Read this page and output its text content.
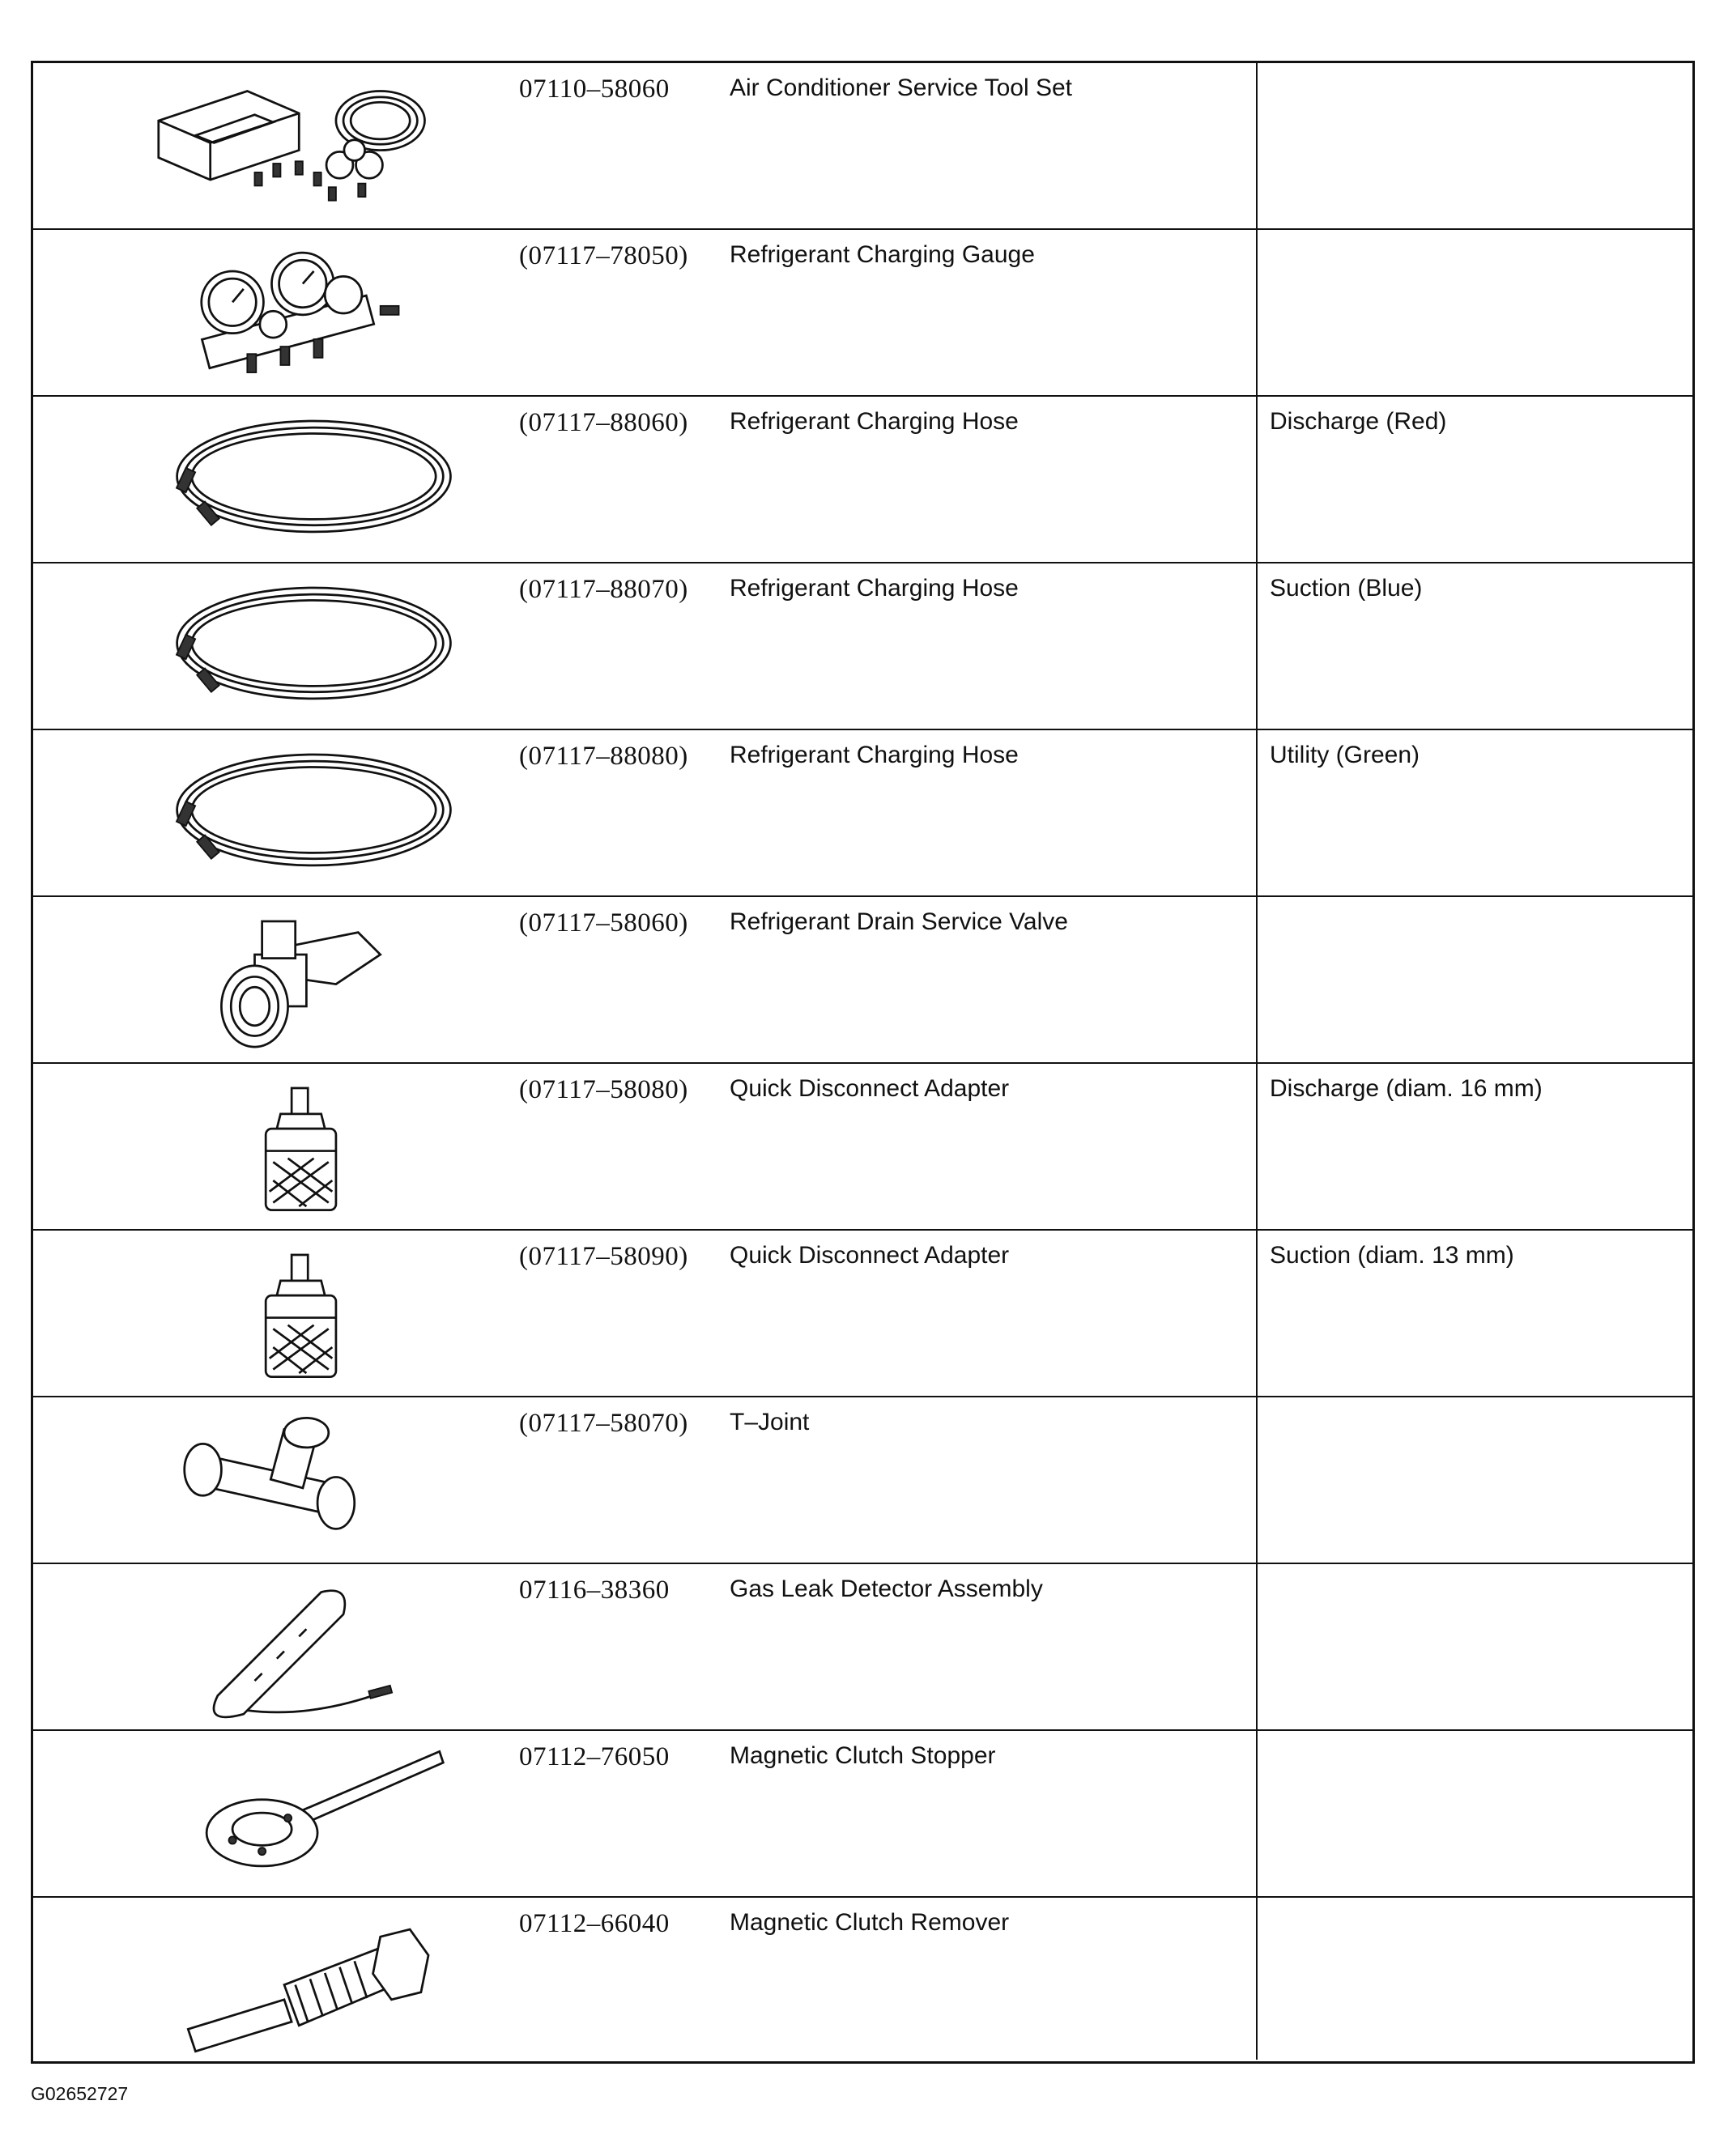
07110–58060 Air Conditioner Service Tool Set
(07117–78050) Refrigerant Charging Gauge
(07117–88060) Refrigerant Charging Hose	Discharge (Red)
(07117–88070) Refrigerant Charging Hose	Suction (Blue)
(07117–88080) Refrigerant Charging Hose	Utility (Green)
(07117–58060) Refrigerant Drain Service Valve
(07117–58080) Quick Disconnect Adapter	Discharge (diam. 16 mm)
(07117–58090) Quick Disconnect Adapter	Suction (diam. 13 mm)
(07117–58070) T–Joint
07116–38360 Gas Leak Detector Assembly
07112–76050 Magnetic Clutch Stopper
07112–66040 Magnetic Clutch Remover
G02652727
